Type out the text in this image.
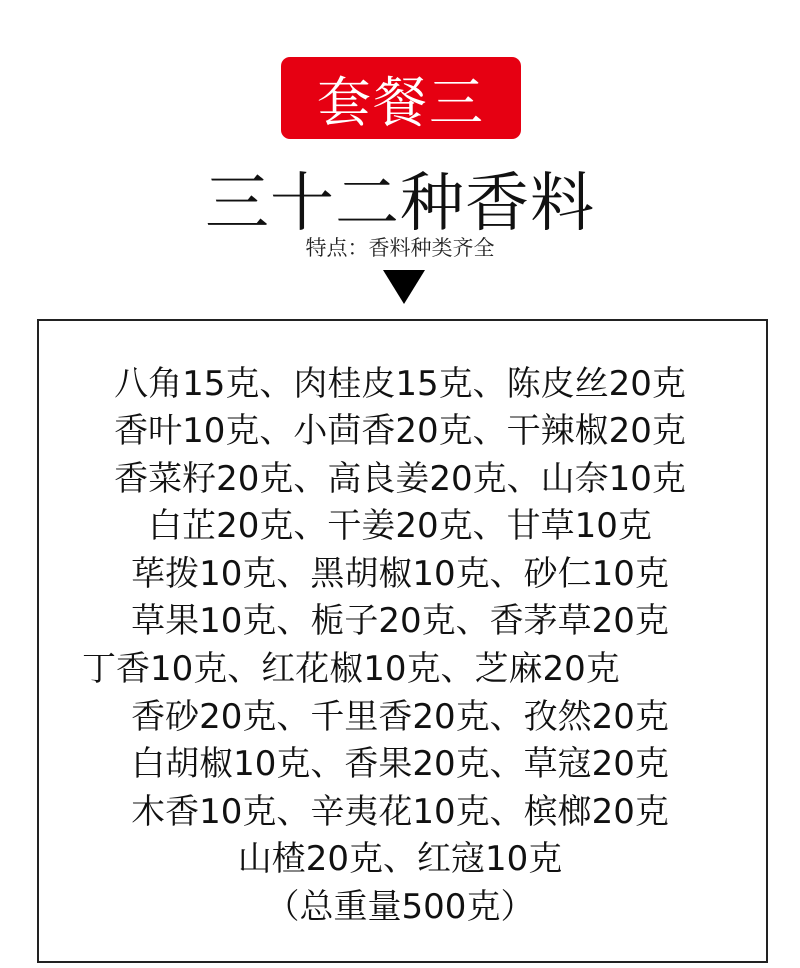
套餐三
三十二种香料
特点：香料种类齐全
八角15克、肉桂皮15克、陈皮丝20克
香叶10克、小茴香20克、干辣椒20克
香菜籽20克、高良姜20克、山奈10克
白芷20克、干姜20克、甘草10克
荜拨10克、黑胡椒10克、砂仁10克
草果10克、栀子20克、香茅草20克
丁香10克、红花椒10克、芝麻20克
香砂20克、千里香20克、孜然20克
白胡椒10克、香果20克、草寇20克
木香10克、辛夷花10克、槟榔20克
山楂20克、红寇10克
（总重量500克）
